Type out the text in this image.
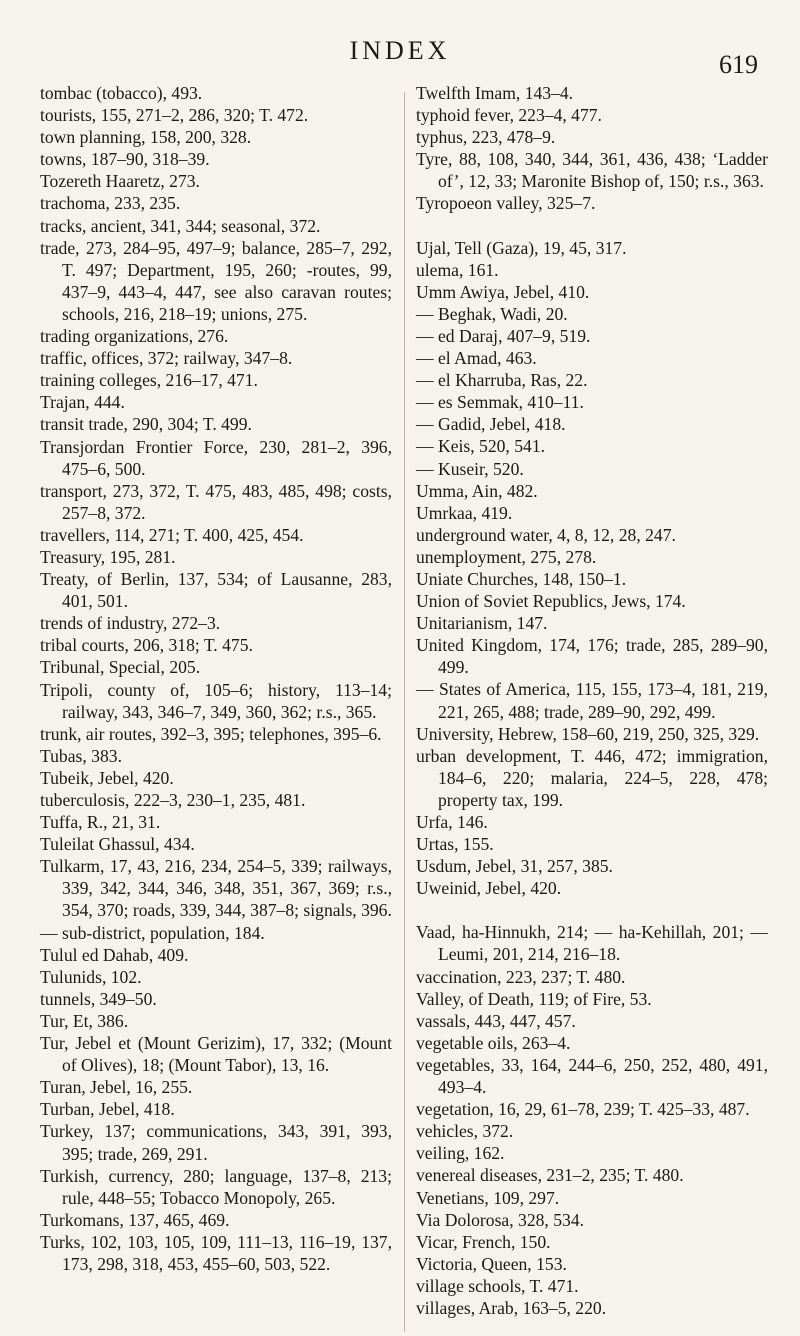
INDEX	619
tombac (tobacco), 493.
tourists, 155, 271–2, 286, 320; T. 472.
town planning, 158, 200, 328.
towns, 187–90, 318–39.
Tozereth Haaretz, 273.
trachoma, 233, 235.
tracks, ancient, 341, 344; seasonal, 372.
trade, 273, 284–95, 497–9; balance, 285–7, 292, T. 497; Department, 195, 260; -routes, 99, 437–9, 443–4, 447, see also caravan routes; schools, 216, 218–19; unions, 275.
trading organizations, 276.
traffic, offices, 372; railway, 347–8.
training colleges, 216–17, 471.
Trajan, 444.
transit trade, 290, 304; T. 499.
Transjordan Frontier Force, 230, 281–2, 396, 475–6, 500.
transport, 273, 372, T. 475, 483, 485, 498; costs, 257–8, 372.
travellers, 114, 271; T. 400, 425, 454.
Treasury, 195, 281.
Treaty, of Berlin, 137, 534; of Lausanne, 283, 401, 501.
trends of industry, 272–3.
tribal courts, 206, 318; T. 475.
Tribunal, Special, 205.
Tripoli, county of, 105–6; history, 113–14; railway, 343, 346–7, 349, 360, 362; r.s., 365.
trunk, air routes, 392–3, 395; telephones, 395–6.
Tubas, 383.
Tubeik, Jebel, 420.
tuberculosis, 222–3, 230–1, 235, 481.
Tuffa, R., 21, 31.
Tuleilat Ghassul, 434.
Tulkarm, 17, 43, 216, 234, 254–5, 339; railways, 339, 342, 344, 346, 348, 351, 367, 369; r.s., 354, 370; roads, 339, 344, 387–8; signals, 396.
— sub-district, population, 184.
Tulul ed Dahab, 409.
Tulunids, 102.
tunnels, 349–50.
Tur, Et, 386.
Tur, Jebel et (Mount Gerizim), 17, 332; (Mount of Olives), 18; (Mount Tabor), 13, 16.
Turan, Jebel, 16, 255.
Turban, Jebel, 418.
Turkey, 137; communications, 343, 391, 393, 395; trade, 269, 291.
Turkish, currency, 280; language, 137–8, 213; rule, 448–55; Tobacco Monopoly, 265.
Turkomans, 137, 465, 469.
Turks, 102, 103, 105, 109, 111–13, 116–19, 137, 173, 298, 318, 453, 455–60, 503, 522.
Twelfth Imam, 143–4.
typhoid fever, 223–4, 477.
typhus, 223, 478–9.
Tyre, 88, 108, 340, 344, 361, 436, 438; ‘Ladder of’, 12, 33; Maronite Bishop of, 150; r.s., 363.
Tyropoeon valley, 325–7.
Ujal, Tell (Gaza), 19, 45, 317.
ulema, 161.
Umm Awiya, Jebel, 410.
— Beghak, Wadi, 20.
— ed Daraj, 407–9, 519.
— el Amad, 463.
— el Kharruba, Ras, 22.
— es Semmak, 410–11.
— Gadid, Jebel, 418.
— Keis, 520, 541.
— Kuseir, 520.
Umma, Ain, 482.
Umrkaa, 419.
underground water, 4, 8, 12, 28, 247.
unemployment, 275, 278.
Uniate Churches, 148, 150–1.
Union of Soviet Republics, Jews, 174.
Unitarianism, 147.
United Kingdom, 174, 176; trade, 285, 289–90, 499.
— States of America, 115, 155, 173–4, 181, 219, 221, 265, 488; trade, 289–90, 292, 499.
University, Hebrew, 158–60, 219, 250, 325, 329.
urban development, T. 446, 472; immigration, 184–6, 220; malaria, 224–5, 228, 478; property tax, 199.
Urfa, 146.
Urtas, 155.
Usdum, Jebel, 31, 257, 385.
Uweinid, Jebel, 420.
Vaad, ha-Hinnukh, 214; — ha-Kehillah, 201; — Leumi, 201, 214, 216–18.
vaccination, 223, 237; T. 480.
Valley, of Death, 119; of Fire, 53.
vassals, 443, 447, 457.
vegetable oils, 263–4.
vegetables, 33, 164, 244–6, 250, 252, 480, 491, 493–4.
vegetation, 16, 29, 61–78, 239; T. 425–33, 487.
vehicles, 372.
veiling, 162.
venereal diseases, 231–2, 235; T. 480.
Venetians, 109, 297.
Via Dolorosa, 328, 534.
Vicar, French, 150.
Victoria, Queen, 153.
village schools, T. 471.
villages, Arab, 163–5, 220.
